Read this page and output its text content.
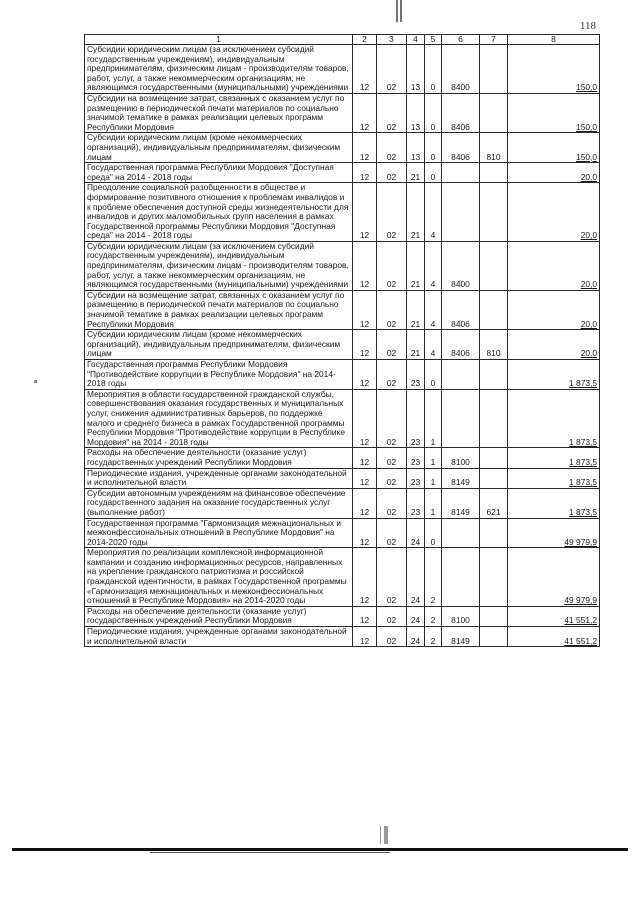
118
1	2	3	4	5	6	7	8
Субсидии юридическим лицам (за исключением субсидий государственным учреждениям), индивидуальным предпринимателям, физическим лицам - производителям товаров, работ, услуг, а также некоммерческим организациям, не являющимся государственными (муниципальными) учреждениями	12	02	13	0	8400		150,0
Субсидии на возмещение затрат, связанных с оказанием услуг по размещению в периодической печати материалов по социально значимой тематике в рамках реализации целевых программ Республики Мордовия	12	02	13	0	8406		150,0
Субсидии юридическим лицам (кроме некоммерческих организаций), индивидуальным предпринимателям, физическим лицам	12	02	13	0	8406	810	150,0
Государственная программа Республики Мордовия "Доступная среда" на 2014 - 2018 годы	12	02	21	0			20,0
Преодоление социальной разобщенности в обществе и формирование позитивного отношения к проблемам инвалидов и к проблеме обеспечения доступной среды жизнедеятельности для инвалидов и других маломобильных групп населения в рамках Государственной программы Республики Мордовия "Доступная среда" на 2014 - 2018 годы	12	02	21	4			20,0
Субсидии юридическим лицам (за исключением субсидий государственным учреждениям), индивидуальным предпринимателям, физическим лицам - производителям товаров, работ, услуг, а также некоммерческим организациям, не являющимся государственными (муниципальными) учреждениями	12	02	21	4	8400		20,0
Субсидии на возмещение затрат, связанных с оказанием услуг по размещению в периодической печати материалов по социально значимой тематике в рамках реализации целевых программ Республики Мордовия	12	02	21	4	8406		20,0
Субсидии юридическим лицам (кроме некоммерческих организаций), индивидуальным предпринимателям, физическим лицам	12	02	21	4	8406	810	20,0
Государственная программа Республики Мордовия "Противодействие коррупции в Республике Мордовия" на 2014-2018 годы	12	02	23	0			1 873,5
Мероприятия в области государственной гражданской службы, совершенствования оказания государственных и муниципальных услуг, снижения административных барьеров, по поддержке малого и среднего бизнеса в рамках Государственной программы Республики Мордовия "Противодействие коррупции в Республике Мордовия" на 2014 - 2018 годы	12	02	23	1			1 873,5
Расходы на обеспечение деятельности (оказание услуг) государственных учреждений Республики Мордовия	12	02	23	1	8100		1 873,5
Периодические издания, учрежденные органами законодательной и исполнительной власти	12	02	23	1	8149		1 873,5
Субсидии автономным учреждениям на финансовое обеспечение государственного задания на оказание государственных услуг (выполнение работ)	12	02	23	1	8149	621	1 873,5
Государственная программа "Гармонизация межнациональных и межконфессиональных отношений в Республике Мордовия" на 2014-2020 годы	12	02	24	0			49 979,9
Мероприятия по реализации комплексной информационной кампании и созданию информационных ресурсов, направленных на укрепление гражданского патриотизма и российской гражданской идентичности, в рамках Государственной программы «Гармонизация межнациональных и межконфессиональных отношений в Республике Мордовия» на 2014-2020 годы	12	02	24	2			49 979,9
Расходы на обеспечение деятельности (оказание услуг) государственных учреждений Республики Мордовия	12	02	24	2	8100		41 551,2
Периодические издания, учрежденные органами законодательной и исполнительной власти	12	02	24	2	8149		41 551,2
